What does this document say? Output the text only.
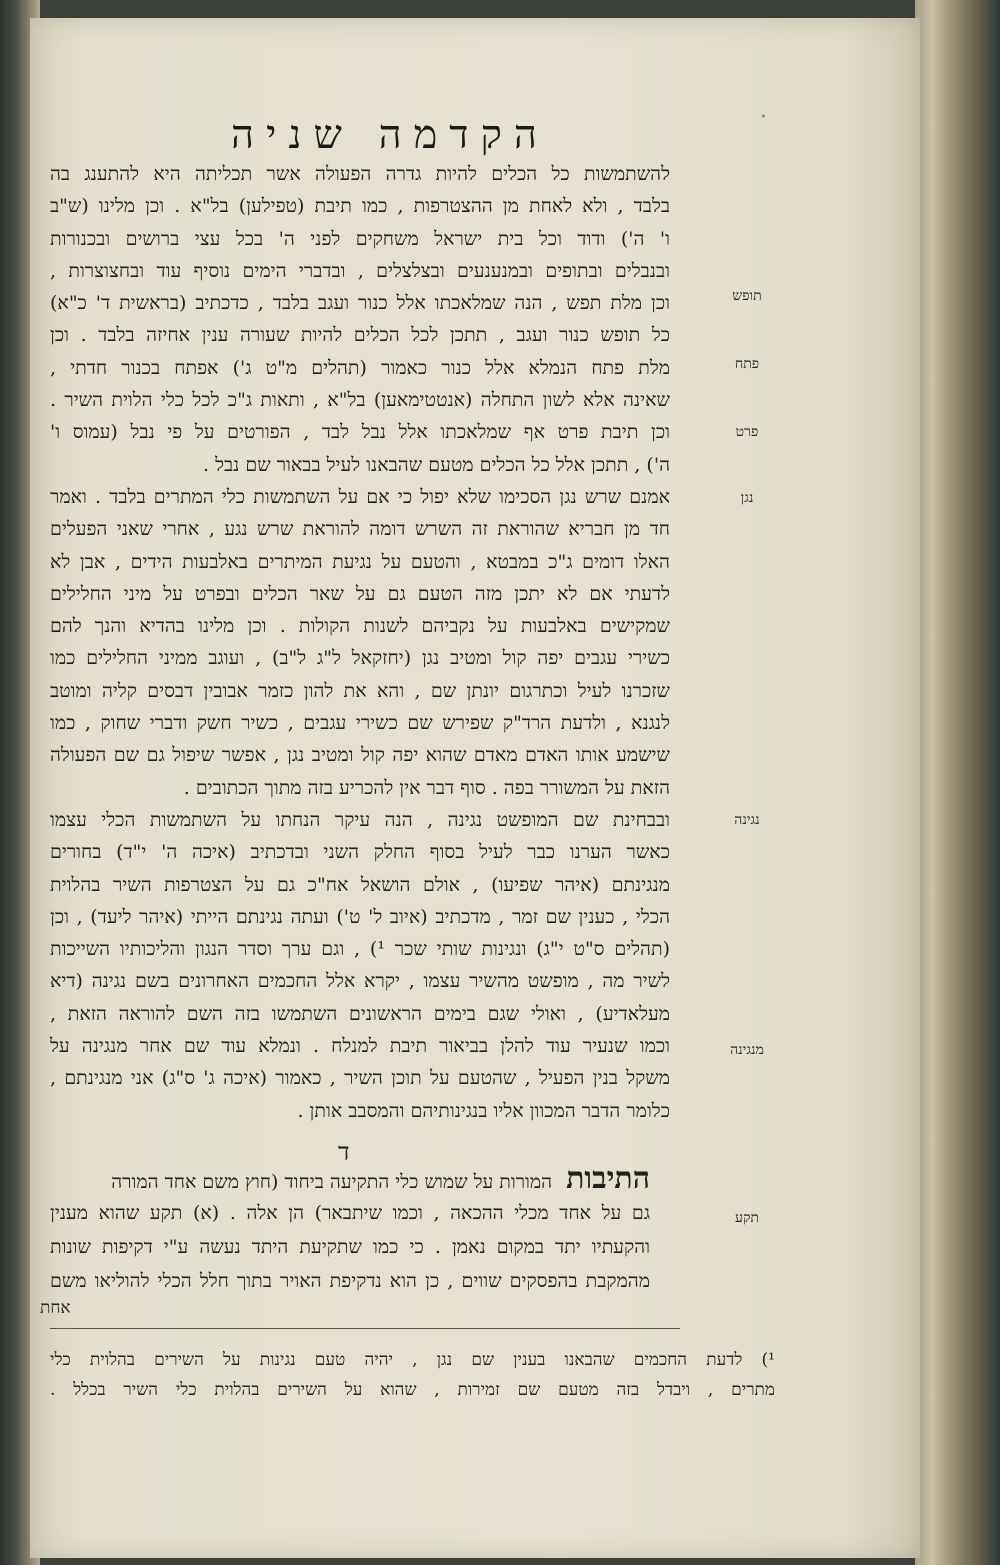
·
הקדמה שניה
להשתמשות כל הכלים להיות גדרה הפעולה אשר תכליתה היא להתענג בה
בלבד , ולא לאחת מן ההצטרפות , כמו תיבת (טפילען) בל"א . וכן מלינו (ש"ב
ו' ה') ודוד וכל בית ישראל משחקים לפני ה' בכל עצי ברושים ובכנורות
ובנבלים ובתופים ובמנענעים ובצלצלים , ובדברי הימים נוסיף עוד ובחצוצרות ,
וכן מלת תפש , הנה שמלאכתו אלל כנור ועגב בלבד , כדכתיב (בראשית ד' כ"א)
כל תופש כנור ועגב , תתכן לכל הכלים להיות שעורה ענין אחיזה בלבד . וכן
מלת פתח הנמלא אלל כנור כאמור (תהלים מ"ט ג') אפתח בכנור חדתי ,
שאינה אלא לשון התחלה (אנטטימאען) בל"א , ותאות ג"כ לכל כלי הלוית השיר .
וכן תיבת פרט אף שמלאכתו אלל נבל לבד , הפורטים על פי נבל (עמוס ו'
ה') , תתכן אלל כל הכלים מטעם שהבאנו לעיל בבאור שם נבל .
אמנם שרש נגן הסכימו שלא יפול כי אם על השתמשות כלי המתרים בלבד . ואמר
חד מן חבריא שהוראת זה השרש דומה להוראת שרש נגע , אחרי שאני הפעלים
האלו דומים ג"כ במבטא , והטעם על נגיעת המיתרים באלבעות הידים , אבן לא
לדעתי אם לא יתכן מזה הטעם גם על שאר הכלים ובפרט על מיני החלילים
שמקישים באלבעות על נקביהם לשנות הקולות . וכן מלינו בהדיא והנך להם
כשירי עגבים יפה קול ומטיב נגן (יחזקאל ל"ג ל"ב) , ועוגב ממיני החלילים כמו
שזכרנו לעיל וכתרגום יונתן שם , והא את להון כזמר אבובין דבסים קליה ומוטב
לנגנא , ולדעת הרד"ק שפירש שם כשירי עגבים , כשיר חשק ודברי שחוק , כמו
שישמע אותו האדם מאדם שהוא יפה קול ומטיב נגן , אפשר שיפול גם שם הפעולה
הזאת על המשורר בפה . סוף דבר אין להכריע בזה מתוך הכתובים .
ובבחינת שם המופשט נגינה , הנה עיקר הנחתו על השתמשות הכלי עצמו
כאשר הערנו כבר לעיל בסוף החלק השני ובדכתיב (איכה ה' י"ד) בחורים
מנגינתם (איהר שפיעו) , אולם הושאל אח"כ גם על הצטרפות השיר בהלוית
הכלי , כענין שם זמר , מדכתיב (איוב ל' ט') ועתה נגינתם הייתי (איהר ליעד) , וכן
(תהלים ס"ט י"ג) ונגינות שותי שכר ¹) , וגם ערך וסדר הנגון והליכותיו השייכות
לשיר מה , מופשט מהשיר עצמו , יקרא אלל החכמים האחרונים בשם נגינה (דיא
מעלאדיע) , ואולי שגם בימים הראשונים השתמשו בזה השם להוראה הזאת ,
וכמו שנעיר עוד להלן בביאור תיבת למנלח . ונמלא עוד שם אחר מנגינה על
משקל בנין הפעיל , שהטעם על תוכן השיר , כאמור (איכה ג' ס"ג) אני מנגינתם ,
כלומר הדבר המכוון אליו בנגינותיהם והמסבב אותן .
תופש
פתח
פרט
נגן
נגינה
מנגינה
תקע
ד
התיבות המורות על שמוש כלי התקיעה ביחוד (חוץ משם אחד המורה
גם על אחד מכלי ההכאה , וכמו שיתבאר) הן אלה . (א) תקע שהוא מענין
והקעתיו יתד במקום נאמן . כי כמו שתקיעת היתד נעשה ע"י דקיפות שונות
מהמקבת בהפסקים שווים , כן הוא נדקיפת האויר בתוך חלל הכלי להוליאו משם
אחת
¹) לדעת החכמים שהבאנו בענין שם נגן , יהיה טעם נגינות על השירים בהלוית כלי
מתרים , ויבדל בזה מטעם שם זמירות , שהוא על השירים בהלוית כלי השיר בכלל .
